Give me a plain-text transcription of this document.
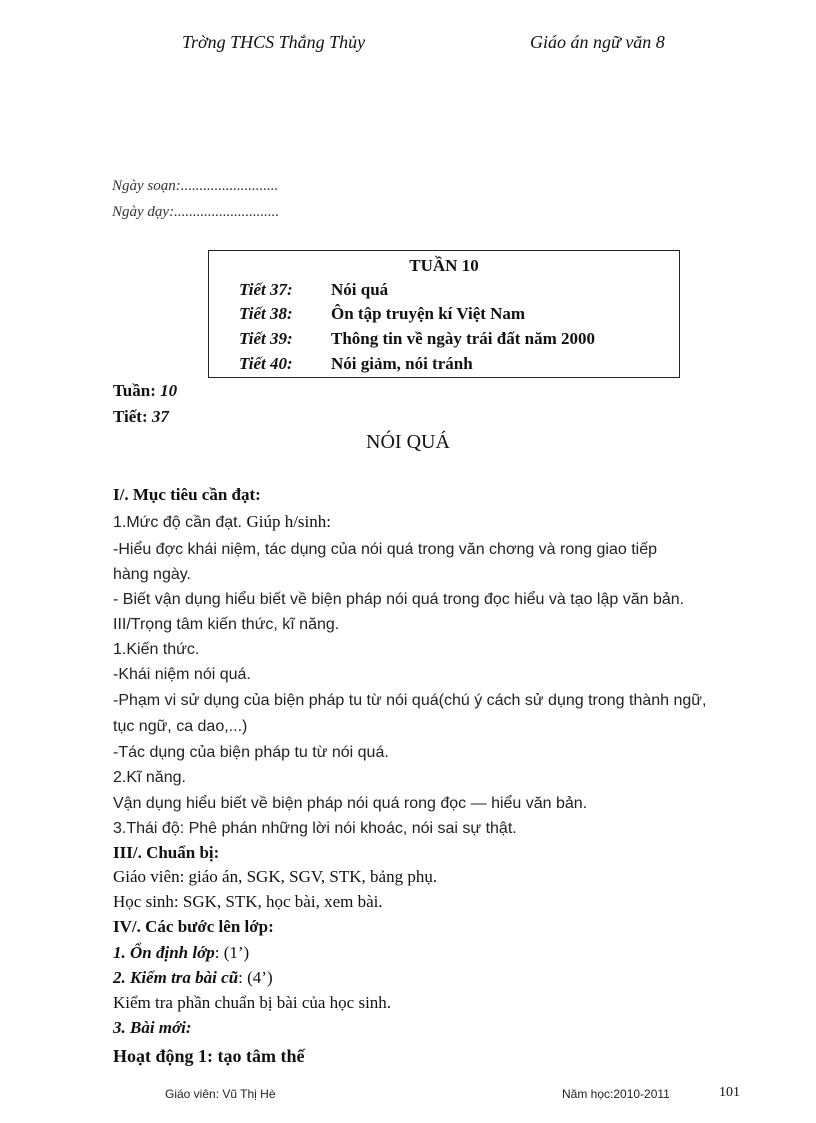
Trờng THCS Thắng Thủy	Giáo án ngữ văn 8
Ngày soạn:..........................
Ngày dạy:............................
TUẦN 10
Tiết 37: Nói quá
Tiết 38: Ôn tập truyện kí Việt Nam
Tiết 39: Thông tin về ngày trái đất năm 2000
Tiết 40: Nói giảm, nói tránh
Tuần: 10
Tiết: 37
NÓI QUÁ
I/. Mục tiêu cần đạt:
1.Mức độ cần đạt. Giúp h/sinh:
-Hiểu đợc khái niệm, tác dụng của nói quá trong văn chơng và rong giao tiếp
hàng ngày.
- Biết vận dụng hiểu biết về biện pháp nói quá trong đọc hiểu và tạo lập văn bản.
III/Trọng tâm kiến thức, kĩ năng.
1.Kiến thức.
-Khái niệm nói quá.
-Phạm vi sử dụng của biện pháp tu từ nói quá(chú ý cách sử dụng trong thành ngữ,
tục ngữ, ca dao,...)
-Tác dụng của biện pháp tu từ nói quá.
2.Kĩ năng.
Vận dụng hiểu biết về biện pháp nói quá rong đọc — hiểu văn bản.
3.Thái độ: Phê phán những lời nói khoác, nói sai sự thật.
III/. Chuẩn bị:
Giáo viên: giáo án, SGK, SGV, STK, bảng phụ.
Học sinh: SGK, STK, học bài, xem bài.
IV/. Các bước lên lớp:
1. Ổn định lớp: (1’)
2. Kiểm tra bài cũ: (4’)
Kiểm tra phần chuẩn bị bài của học sinh.
3. Bài mới:
Hoạt động 1: tạo tâm thế
Giáo viên: Vũ Thị Hè	Năm học:2010-2011	101
